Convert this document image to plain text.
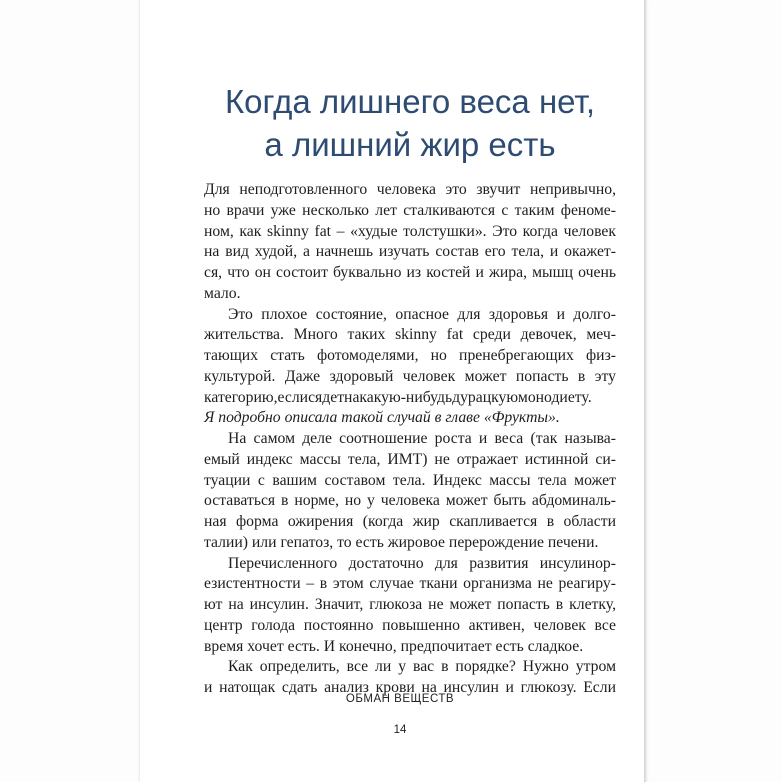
Когда лишнего веса нет,
а лишний жир есть
Для неподготовленного человека это звучит непривычно,
но врачи уже несколько лет сталкиваются с таким феноме-
ном, как skinny fat – «худые толстушки». Это когда человек
на вид худой, а начнешь изучать состав его тела, и окажет-
ся, что он состоит буквально из костей и жира, мышц очень
мало.
Это плохое состояние, опасное для здоровья и долго-
жительства. Много таких skinny fat среди девочек, меч-
тающих стать фотомоделями, но пренебрегающих физ-
культурой. Даже здоровый человек может попасть в эту
категорию,еслисядетнакакую-нибудьдурацкуюмонодиету.
Я подробно описала такой случай в главе «Фрукты».
На самом деле соотношение роста и веса (так называ-
емый индекс массы тела, ИМТ) не отражает истинной си-
туации с вашим составом тела. Индекс массы тела может
оставаться в норме, но у человека может быть абдоминаль-
ная форма ожирения (когда жир скапливается в области
талии) или гепатоз, то есть жировое перерождение печени.
Перечисленного достаточно для развития инсулинор-
езистентности – в этом случае ткани организма не реагиру-
ют на инсулин. Значит, глюкоза не может попасть в клетку,
центр голода постоянно повышенно активен, человек все
время хочет есть. И конечно, предпочитает есть сладкое.
Как определить, все ли у вас в порядке? Нужно утром
и натощак сдать анализ крови на инсулин и глюкозу. Если
ОБМАН ВЕЩЕСТВ
14
